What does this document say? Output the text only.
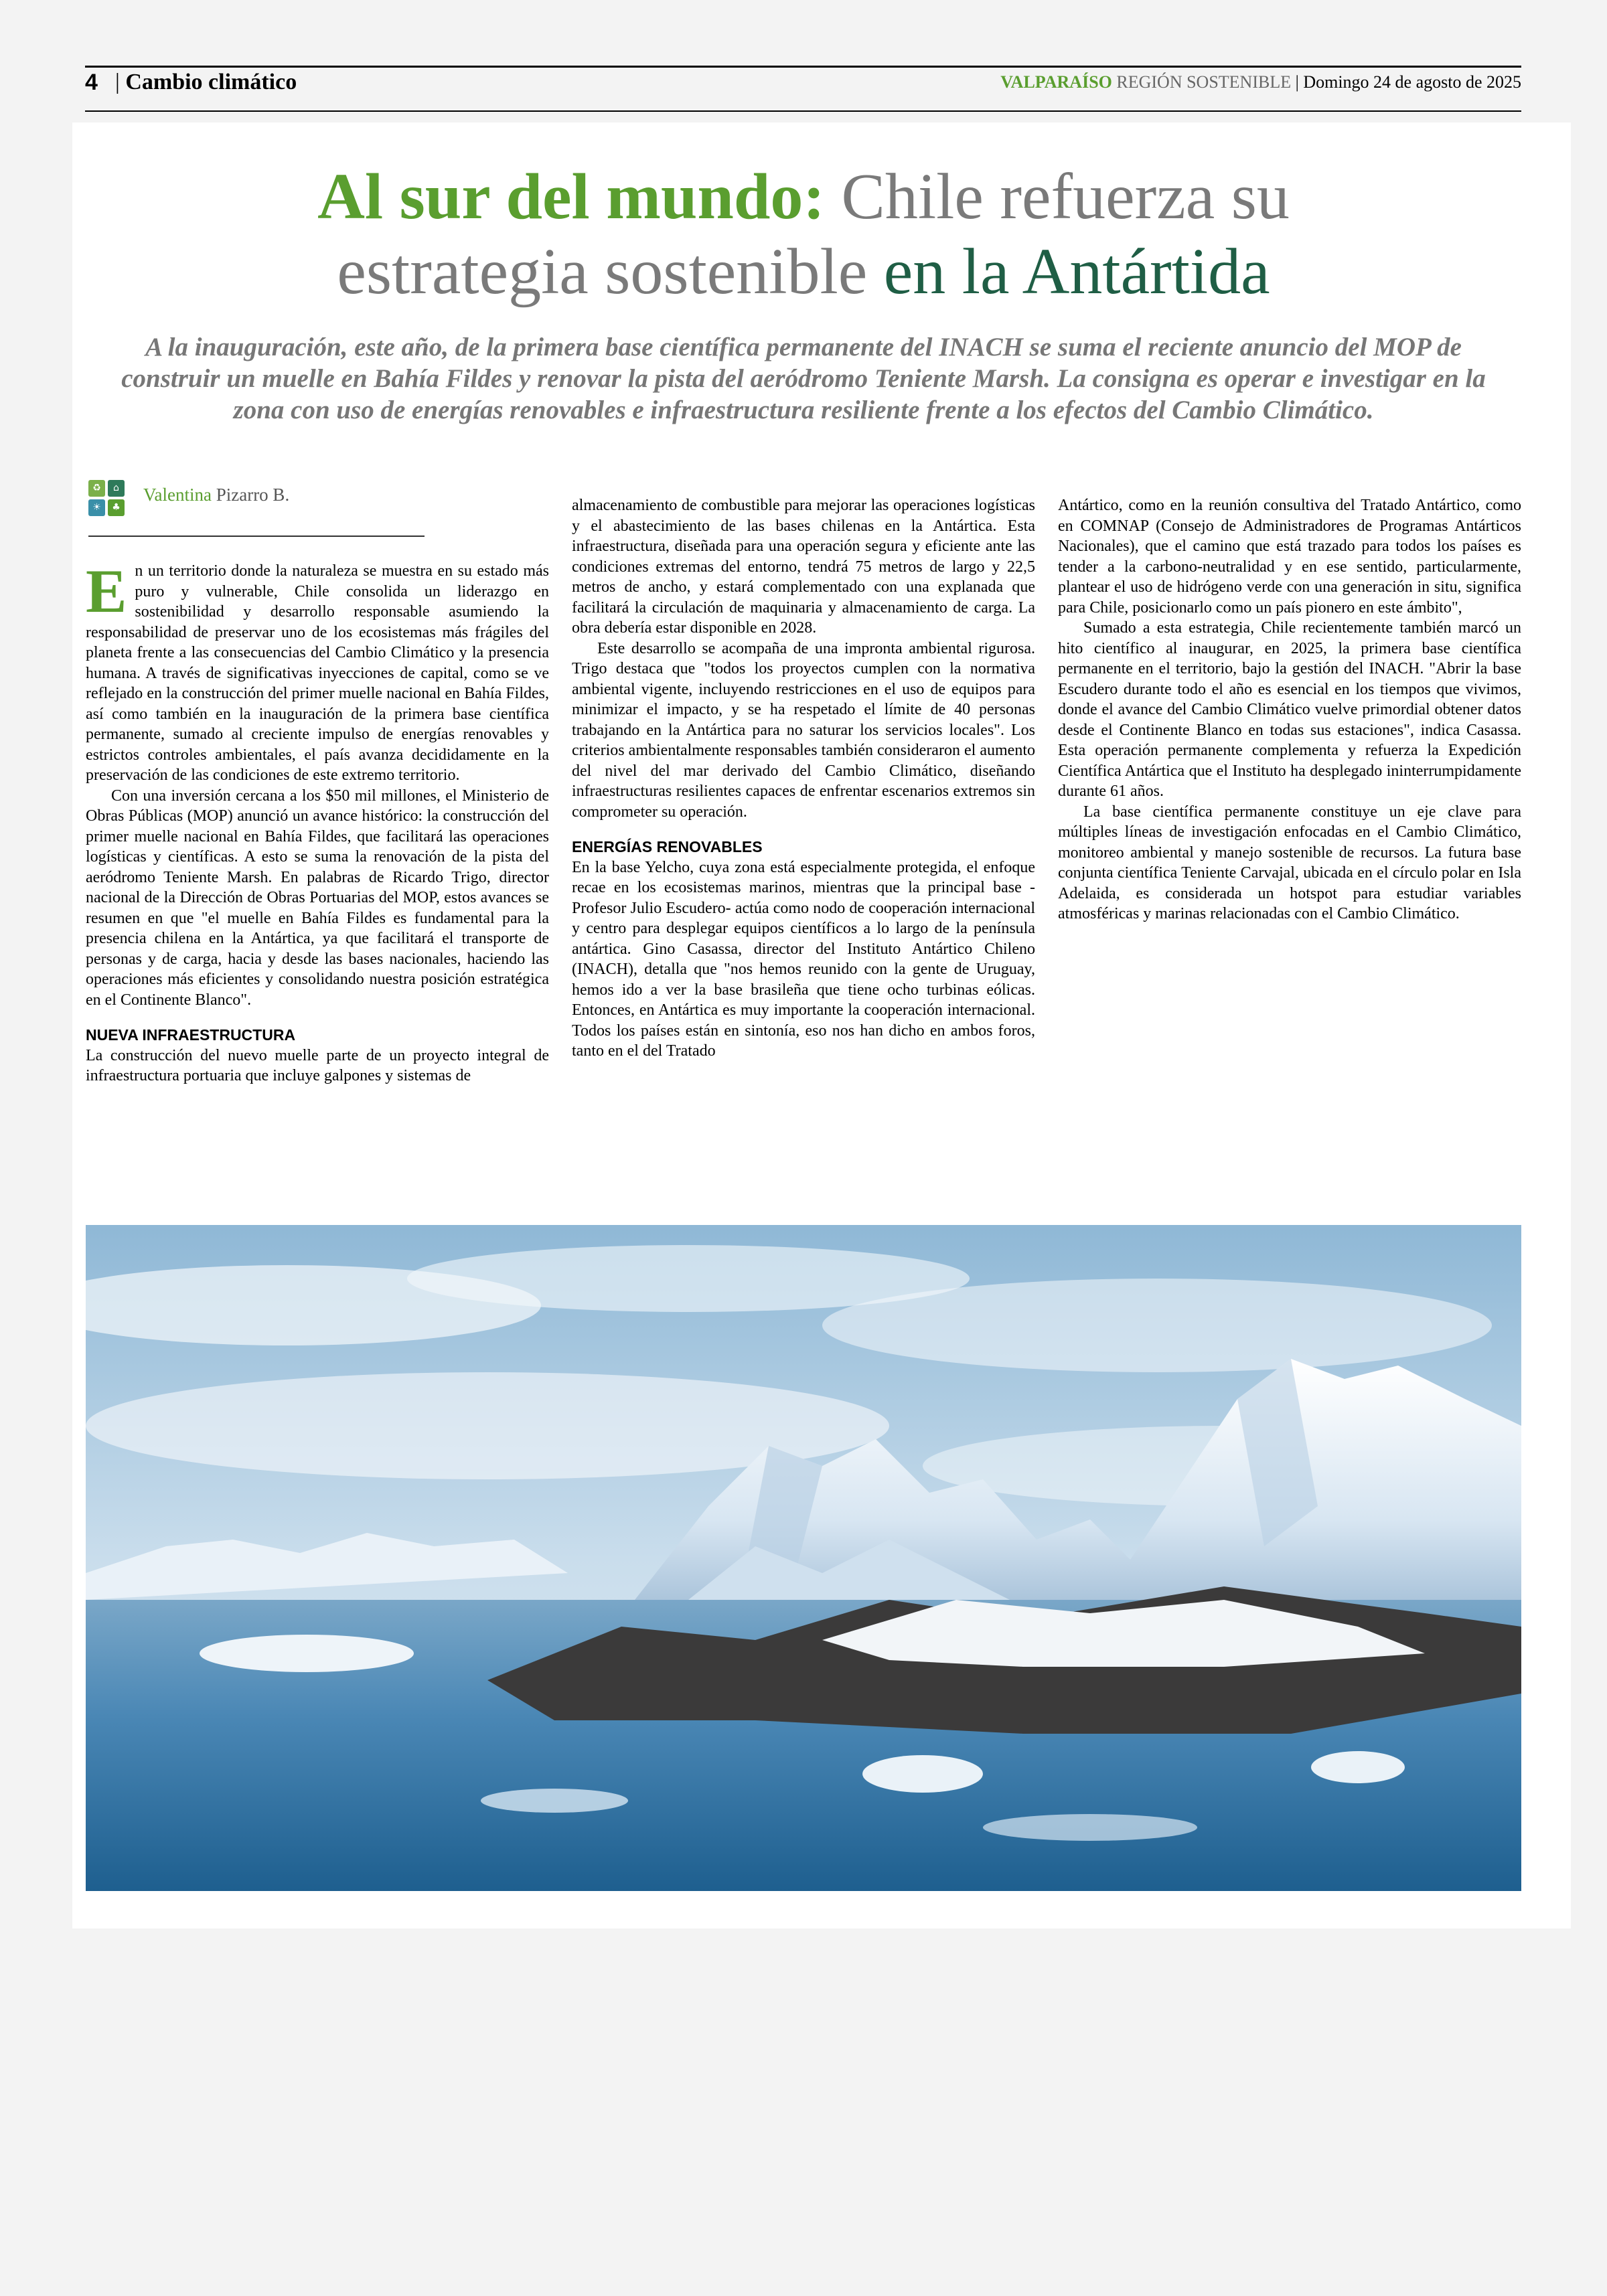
4 | Cambio climático	VALPARAÍSO REGIÓN SOSTENIBLE | Domingo 24 de agosto de 2025
Al sur del mundo: Chile refuerza su
estrategia sostenible en la Antártida
A la inauguración, este año, de la primera base científica permanente del INACH se suma el reciente anuncio del MOP de construir un muelle en Bahía Fildes y renovar la pista del aeródromo Teniente Marsh. La consigna es operar e investigar en la zona con uso de energías renovables e infraestructura resiliente frente a los efectos del Cambio Climático.
♻	⌂
☀	♣
Valentina Pizarro B.

En un territorio donde la naturaleza se muestra en su estado más puro y vulnerable, Chile consolida un liderazgo en sostenibilidad y desarrollo responsable asumiendo la responsabilidad de preservar uno de los ecosistemas más frágiles del planeta frente a las consecuencias del Cambio Climático y la presencia humana. A través de significativas inyecciones de capital, como se ve reflejado en la construcción del primer muelle nacional en Bahía Fildes, así como también en la inauguración de la primera base científica permanente, sumado al creciente impulso de energías renovables y estrictos controles ambientales, el país avanza decididamente en la preservación de las condiciones de este extremo territorio.

Con una inversión cercana a los $50 mil millones, el Ministerio de Obras Públicas (MOP) anunció un avance histórico: la construcción del primer muelle nacional en Bahía Fildes, que facilitará las operaciones logísticas y científicas. A esto se suma la renovación de la pista del aeródromo Teniente Marsh. En palabras de Ricardo Trigo, director nacional de la Dirección de Obras Portuarias del MOP, estos avances se resumen en que "el muelle en Bahía Fildes es fundamental para la presencia chilena en la Antártica, ya que facilitará el transporte de personas y de carga, hacia y desde las bases nacionales, haciendo las operaciones más eficientes y consolidando nuestra posición estratégica en el Continente Blanco".

NUEVA INFRAESTRUCTURA

La construcción del nuevo muelle parte de un proyecto integral de infraestructura portuaria que incluye galpones y sistemas de

almacenamiento de combustible para mejorar las operaciones logísticas y el abastecimiento de las bases chilenas en la Antártica. Esta infraestructura, diseñada para una operación segura y eficiente ante las condiciones extremas del entorno, tendrá 75 metros de largo y 22,5 metros de ancho, y estará complementado con una explanada que facilitará la circulación de maquinaria y almacenamiento de carga. La obra debería estar disponible en 2028.

Este desarrollo se acompaña de una impronta ambiental rigurosa. Trigo destaca que "todos los proyectos cumplen con la normativa ambiental vigente, incluyendo restricciones en el uso de equipos para minimizar el impacto, y se ha respetado el límite de 40 personas trabajando en la Antártica para no saturar los servicios locales". Los criterios ambientalmente responsables también consideraron el aumento del nivel del mar derivado del Cambio Climático, diseñando infraestructuras resilientes capaces de enfrentar escenarios extremos sin comprometer su operación.

ENERGÍAS RENOVABLES

En la base Yelcho, cuya zona está especialmente protegida, el enfoque recae en los ecosistemas marinos, mientras que la principal base -Profesor Julio Escudero- actúa como nodo de cooperación internacional y centro para desplegar equipos científicos a lo largo de la península antártica. Gino Casassa, director del Instituto Antártico Chileno (INACH), detalla que "nos hemos reunido con la gente de Uruguay, hemos ido a ver la base brasileña que tiene ocho turbinas eólicas. Entonces, en Antártica es muy importante la cooperación internacional. Todos los países están en sintonía, eso nos han dicho en ambos foros, tanto en el del Tratado

Antártico, como en la reunión consultiva del Tratado Antártico, como en COMNAP (Consejo de Administradores de Programas Antárticos Nacionales), que el camino que está trazado para todos los países es tender a la carbono-neutralidad y en ese sentido, particularmente, plantear el uso de hidrógeno verde con una generación in situ, significa para Chile, posicionarlo como un país pionero en este ámbito",

Sumado a esta estrategia, Chile recientemente también marcó un hito científico al inaugurar, en 2025, la primera base científica permanente en el territorio, bajo la gestión del INACH. "Abrir la base Escudero durante todo el año es esencial en los tiempos que vivimos, donde el avance del Cambio Climático vuelve primordial obtener datos desde el Continente Blanco en todas sus estaciones", indica Casassa. Esta operación permanente complementa y refuerza la Expedición Científica Antártica que el Instituto ha desplegado ininterrumpidamente durante 61 años.

La base científica permanente constituye un eje clave para múltiples líneas de investigación enfocadas en el Cambio Climático, monitoreo ambiental y manejo sostenible de recursos. La futura base conjunta científica Teniente Carvajal, ubicada en el círculo polar en Isla Adelaida, es considerada un hotspot para estudiar variables atmosféricas y marinas relacionadas con el Cambio Climático.
